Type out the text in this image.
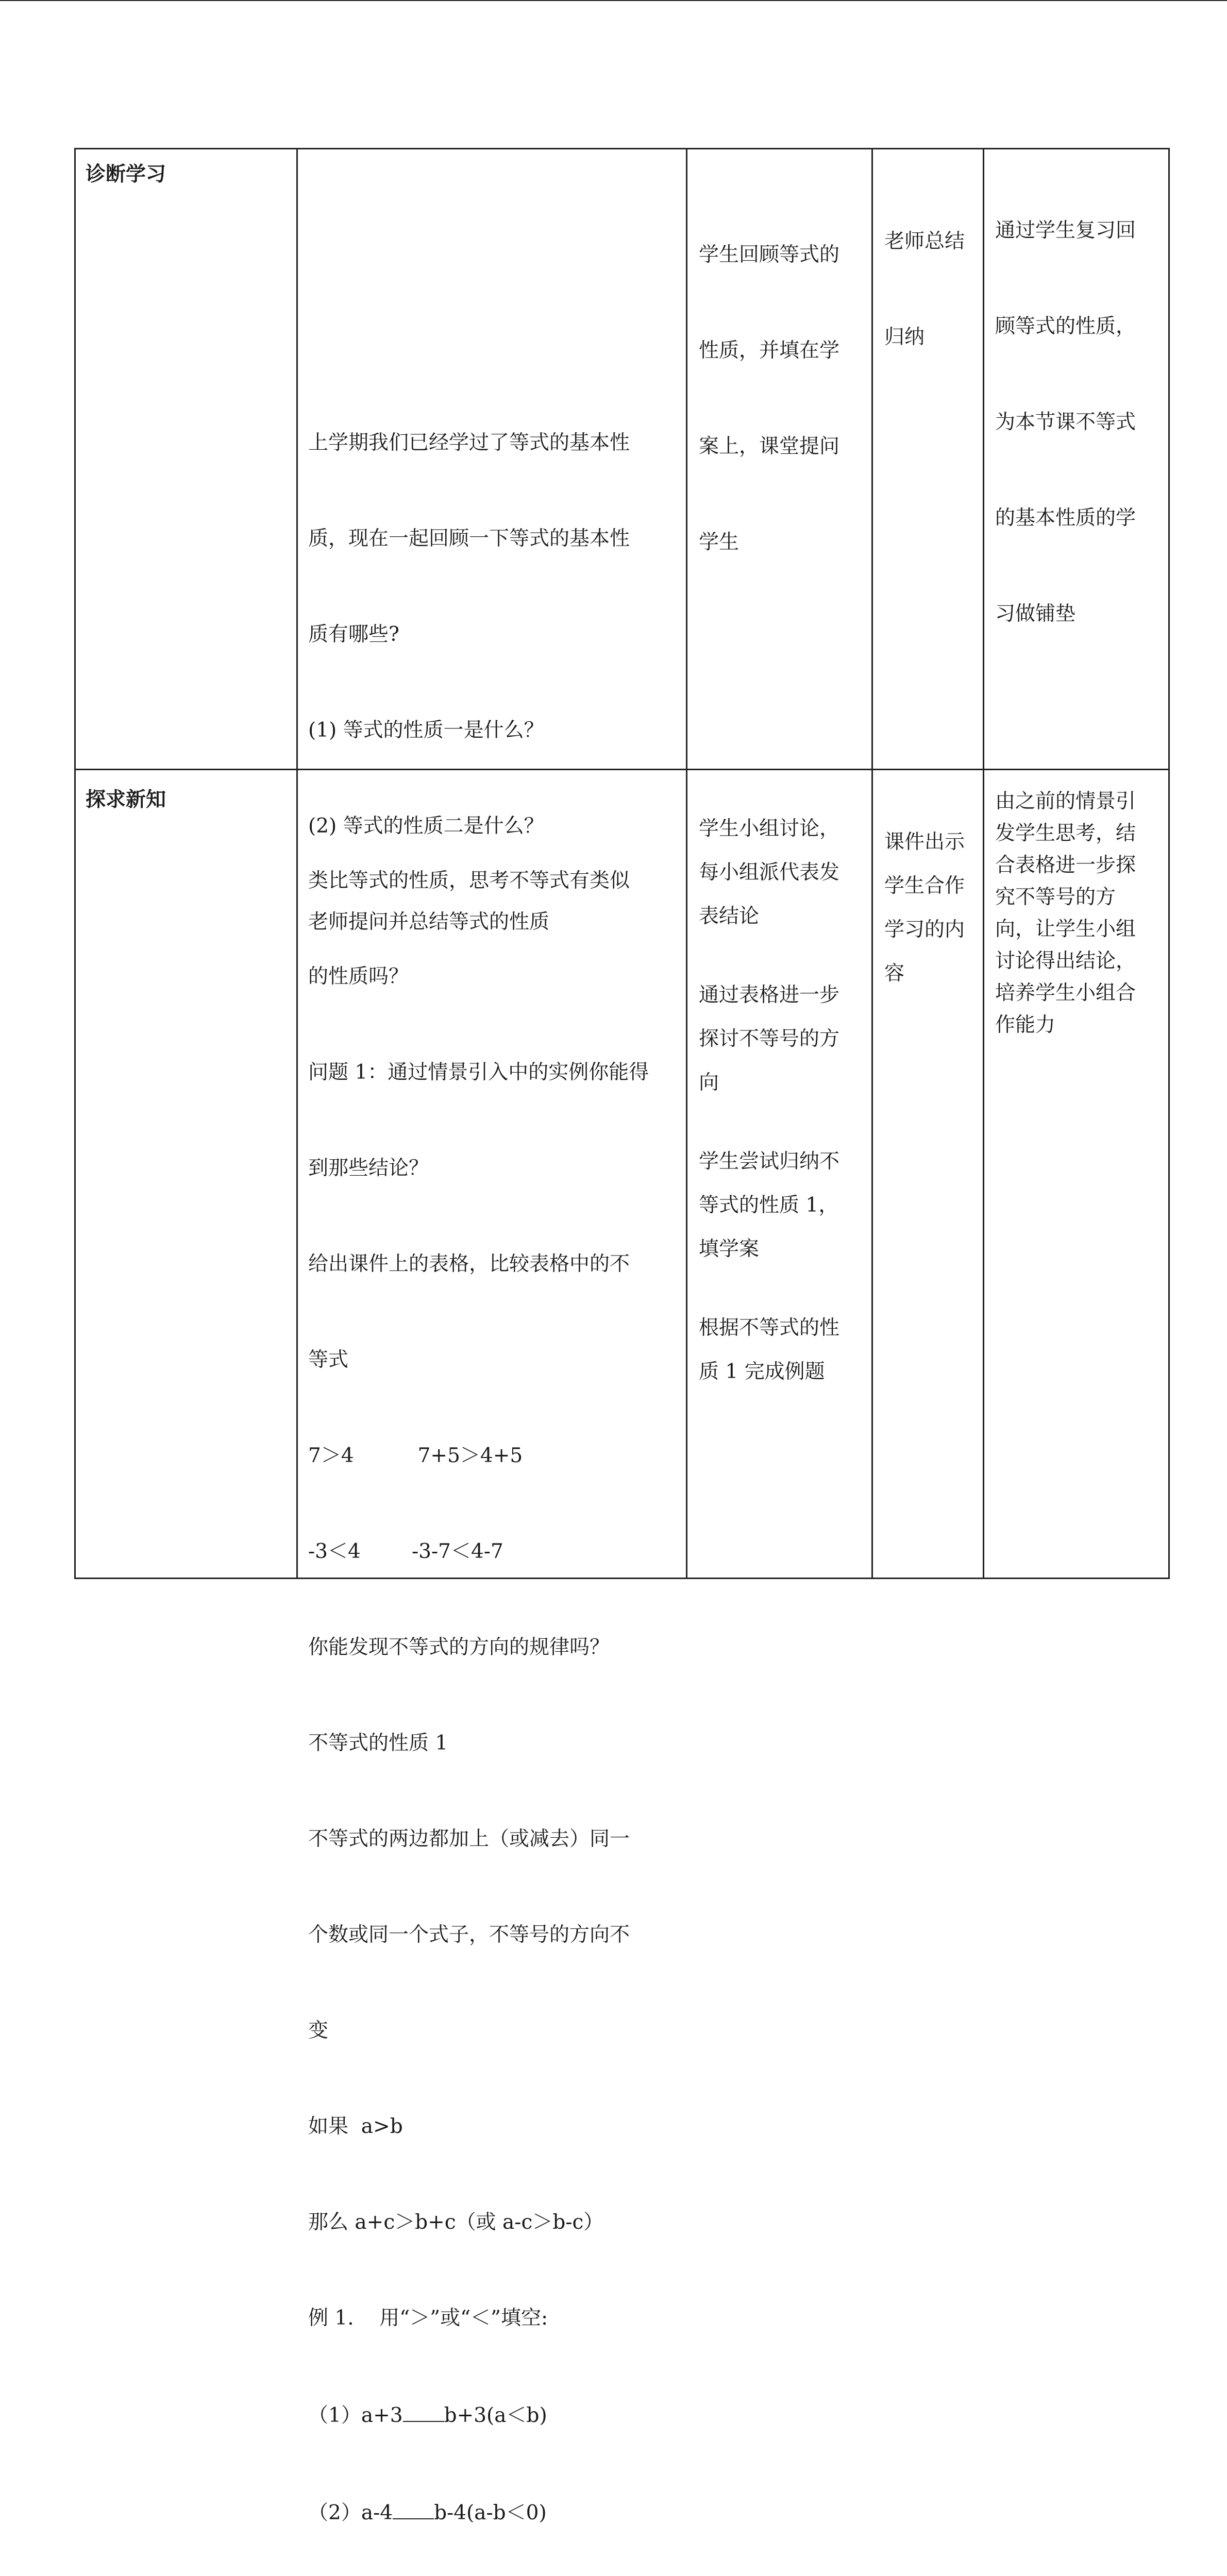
诊断学习

上学期我们已经学过了等式的基本性

质，现在一起回顾一下等式的基本性

质有哪些?

(1) 等式的性质一是什么？

(2) 等式的性质二是什么？

老师提问并总结等式的性质

学生回顾等式的

性质，并填在学

案上，课堂提问

学生

老师总结

归纳

通过学生复习回

顾等式的性质，

为本节课不等式

的基本性质的学

习做铺垫

探求新知

类比等式的性质，思考不等式有类似

的性质吗？

问题 1：通过情景引入中的实例你能得

到那些结论？

给出课件上的表格，比较表格中的不

等式

7＞4          7+5＞4+5

-3＜4        -3-7＜4-7

你能发现不等式的方向的规律吗？

不等式的性质 1

不等式的两边都加上（或减去）同一

个数或同一个式子，不等号的方向不

变

如果  a>b

那么 a+c＞b+c（或 a-c＞b-c）

例 1.    用“＞”或“＜”填空:

（1）a+3 b+3(a＜b)

（2）a-4 b-4(a-b＜0)

学生小组讨论，
每小组派代表发
表结论
通过表格进一步
探讨不等号的方
向
学生尝试归纳不
等式的性质 1，
填学案
根据不等式的性
质 1 完成例题
课件出示
学生合作
学习的内
容
由之前的情景引
发学生思考，结
合表格进一步探
究不等号的方
向，让学生小组
讨论得出结论，
培养学生小组合
作能力
